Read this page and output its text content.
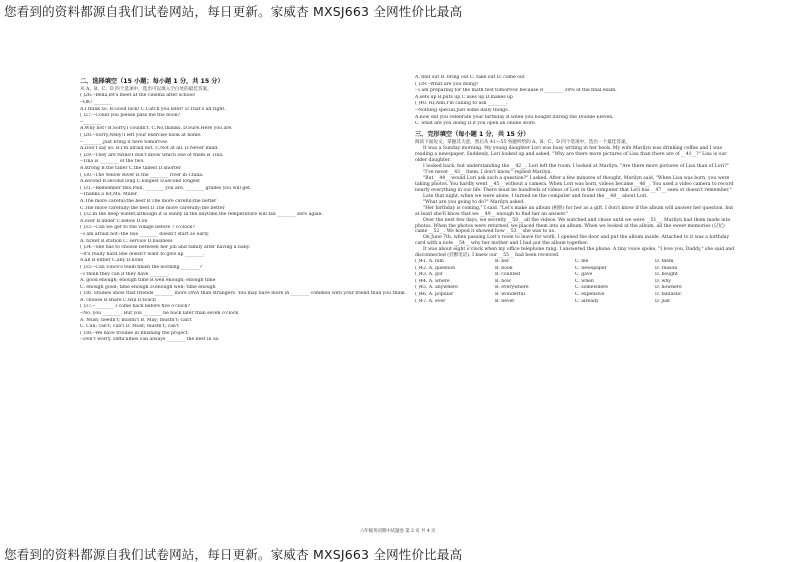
您看到的资料都源自我们试卷网站，每日更新。家威杏 MXSJ663 全网性价比最高
二、选择填空（15 小题；每小题 1 分，共 15 分）
从 A、B、C、D 四个选项中，选出可以填入空白处的最佳答案。
( )26.--Bella,let's meet at the cinema after school!
--OK! ________
A.I think so. B.Good luck! C.Catch you later! D.That's all right.
( )27.--Could you please pass me the book?
--________
A.Why not? B.Sorry,I couldn't. C.No,thanks. D.Sure.Here you are.
( )28.--Sorry,Nelly!I left your exercise book at home.
--________.Just bring it here tomorrow.
A.Don't say so. B.I'm afraid not. C.Not at all. D.Never mind.
( )29.--They are twins!I don't know which one of them is Tina.
--Tina is ________ of the two.
A.strong B.the taller C.the tallest D.shorter
( )30.--The Yellow River is the ________ river in China.
A.second B.second long C.longest D.second longest
( )31.--Remember this,Paul, ________ you are, ________ grades you will get.
--Thanks a lot,Ms. Miller.
A.The more careful;the best B.The more careful;the better
C.The more carefully;the best D.The more carefully;the better
( )32.In the deep winter,although it is sunny in the daytime,the temperature will fall ________ zero again.
A.over B.under C.below D.on
( )33.--Can we get to the village before 7 o'clock?
--I am afraid not--the bus ________ doesn't start so early.
A. ticket B.station C. service D.business
( )34.--She has to choose between her job and family after having a baby.
--It's really hard.She doesn't want to give up ________.
A.all B.either C.any D.none
( )35.--Can Vince's team finish the working ________?
--I think they can if they have ________.
A. good enough; enough time B.well enough; enough time
C. enough good; time enough D.enough well; time enough
( )36. Studies show that friends ________ more DNA than strangers. You may have more in ________ common with your friend than you think.
A. choose B.share C.win D.touch
( )37.--________ I come back before five o'clock?
--No, you ________. But you ________ be back later than seven o'clock
A. Must; needn't; mustn't B. May; mustn't; can't
C. Can; can't; can't D. Must; mustn't; can't
( )38.--We have trouble in finishing the project.
--Don't worry. Difficulties can always ________ the best in us.
A. find out B. bring out C. take out D. come out
( )39.--What are you doing?
--I am preparing for the math test tomorrow because it ________ 30% of the final exam.
A.sets up B.puts up C.uses up D.makes up
( )40. Hi,Ann,I'm calling to ask ________.
--Nothing special.Just some daily things.
A.how did you celebrate your birthday B.when you bought during the Double Eleven.
C. what are you doing D.if you open an online store.
三、完形填空（每小题 1 分，共 15 分）
阅读下面短文，掌握其大意，然后从 41—55 各题所给的 A、B、C、D 四个选项中，选出一个最佳答案。
It was a Sunday morning. My young daughter Lori was busy writing in her book. My wife Marilyn was drinking coffee and I was reading a newspaper. Suddenly, Lori looked up and asked, "Why are there more pictures of Lisa than there are of __41__?" Lisa is our older daughter.
I looked back, but understanding the __42__. Lori left the room. I looked at Marilyn, "Are there more pictures of Lisa than of Lori?"
"I've never __43__ them. I don't know," replied Marilyn.
"But __44__ would Lori ask such a question?" I asked. After a few minutes of thought, Marilyn said, "When Lisa was born, you were taking photos. You hardly went __45__ without a camera. When Lori was born, videos became __46__. You used a video camera to record nearly everything in our life. There must be hundreds of videos of Lori in the computer that Lori has __47__ seen or doesn't remember."
Late that night, when we were alone, I turned on the computer and found the __48__ about Lori.
"What are you going to do?" Marilyn asked.
"Her birthday is coming," I said. "Let's make an album (相册) for her as a gift. I don't know if the album will answer her question, but at least she'll know that we __49__ enough to find her an answer."
Over the next few days, we secretly __50__ all the videos. We watched and chose until we were __51__. Marilyn had them made into photos. When the photos were returned, we placed them into an album. When we looked at the album, all the sweet memories (记忆) came __52__. We hoped it showed how __53__ she was to us.
On June 7th, when passing Lori's room to leave for work, I opened the door and put the album inside. Attached to it was a birthday card with a note __54__ why her mother and I had put the album together.
It was about eight o'clock when my office telephone rang. I answered the phone. A tiny voice spoke, "I love you, Daddy," she said and disconnected (挂断电话). I knew our __55__ had been received.
( )41. A. him	B. her	C. me	D. them
( )42. A. question	B. book	C. newspaper	D. reason
( )43. A. got	B. counted	C. gave	D. bought
( )44. A. where	B. how	C. when	D. why
( )45. A. anywhere	B. everywhere	C. somewhere	D. nowhere
( )46. A. popular	B. wonderful	C. expensive	D. fantastic
( )47. A. ever	B. never	C. already	D. just
六年级英语期中试题卷 第 2 页 共 4 页
您看到的资料都源自我们试卷网站，每日更新。家威杏 MXSJ663 全网性价比最高
